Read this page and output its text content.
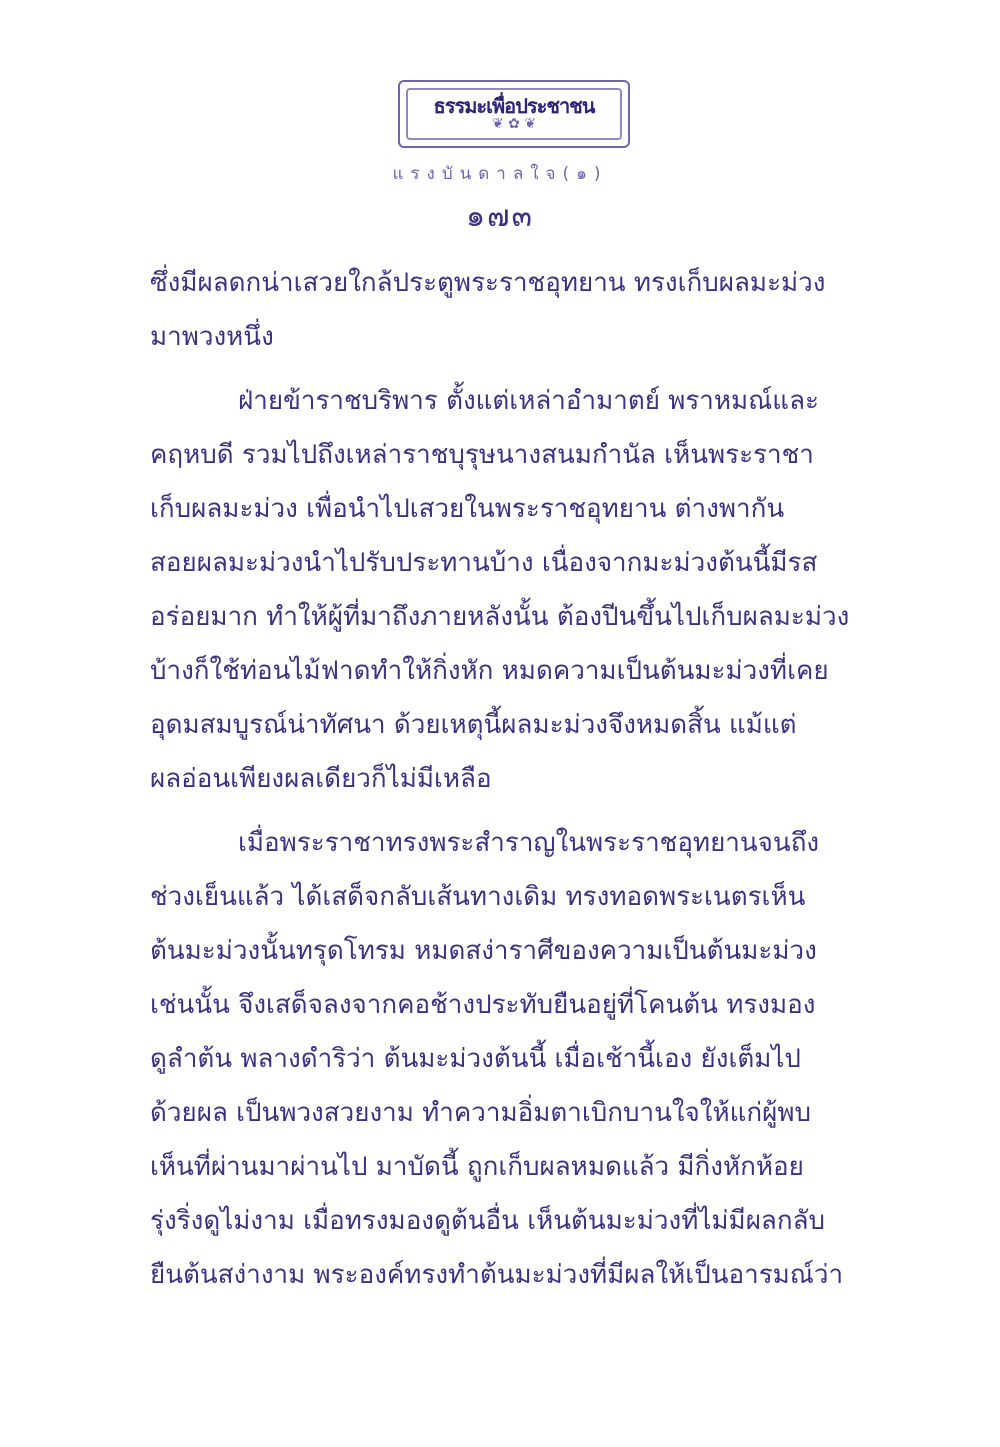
ธรรมะเพื่อประชาชน
❦ ✿ ❦
แรงบันดาลใจ(๑)
๑๗๓

ซึ่งมีผลดกน่าเสวยใกล้ประตูพระราชอุทยาน ทรงเก็บผลมะม่วง
มาพวงหนึ่ง

ฝ่ายข้าราชบริพาร ตั้งแต่เหล่าอำมาตย์ พราหมณ์และ
คฤหบดี รวมไปถึงเหล่าราชบุรุษนางสนมกำนัล เห็นพระราชา
เก็บผลมะม่วง เพื่อนำไปเสวยในพระราชอุทยาน ต่างพากัน
สอยผลมะม่วงนำไปรับประทานบ้าง เนื่องจากมะม่วงต้นนี้มีรส
อร่อยมาก ทำให้ผู้ที่มาถึงภายหลังนั้น ต้องปีนขึ้นไปเก็บผลมะม่วง
บ้างก็ใช้ท่อนไม้ฟาดทำให้กิ่งหัก หมดความเป็นต้นมะม่วงที่เคย
อุดมสมบูรณ์น่าทัศนา ด้วยเหตุนี้ผลมะม่วงจึงหมดสิ้น แม้แต่
ผลอ่อนเพียงผลเดียวก็ไม่มีเหลือ

เมื่อพระราชาทรงพระสำราญในพระราชอุทยานจนถึง
ช่วงเย็นแล้ว ได้เสด็จกลับเส้นทางเดิม ทรงทอดพระเนตรเห็น
ต้นมะม่วงนั้นทรุดโทรม หมดสง่าราศีของความเป็นต้นมะม่วง
เช่นนั้น จึงเสด็จลงจากคอช้างประทับยืนอยู่ที่โคนต้น ทรงมอง
ดูลำต้น พลางดำริว่า ต้นมะม่วงต้นนี้ เมื่อเช้านี้เอง ยังเต็มไป
ด้วยผล เป็นพวงสวยงาม ทำความอิ่มตาเบิกบานใจให้แก่ผู้พบ
เห็นที่ผ่านมาผ่านไป มาบัดนี้ ถูกเก็บผลหมดแล้ว มีกิ่งหักห้อย
รุ่งริ่งดูไม่งาม เมื่อทรงมองดูต้นอื่น เห็นต้นมะม่วงที่ไม่มีผลกลับ
ยืนต้นสง่างาม พระองค์ทรงทำต้นมะม่วงที่มีผลให้เป็นอารมณ์ว่า
